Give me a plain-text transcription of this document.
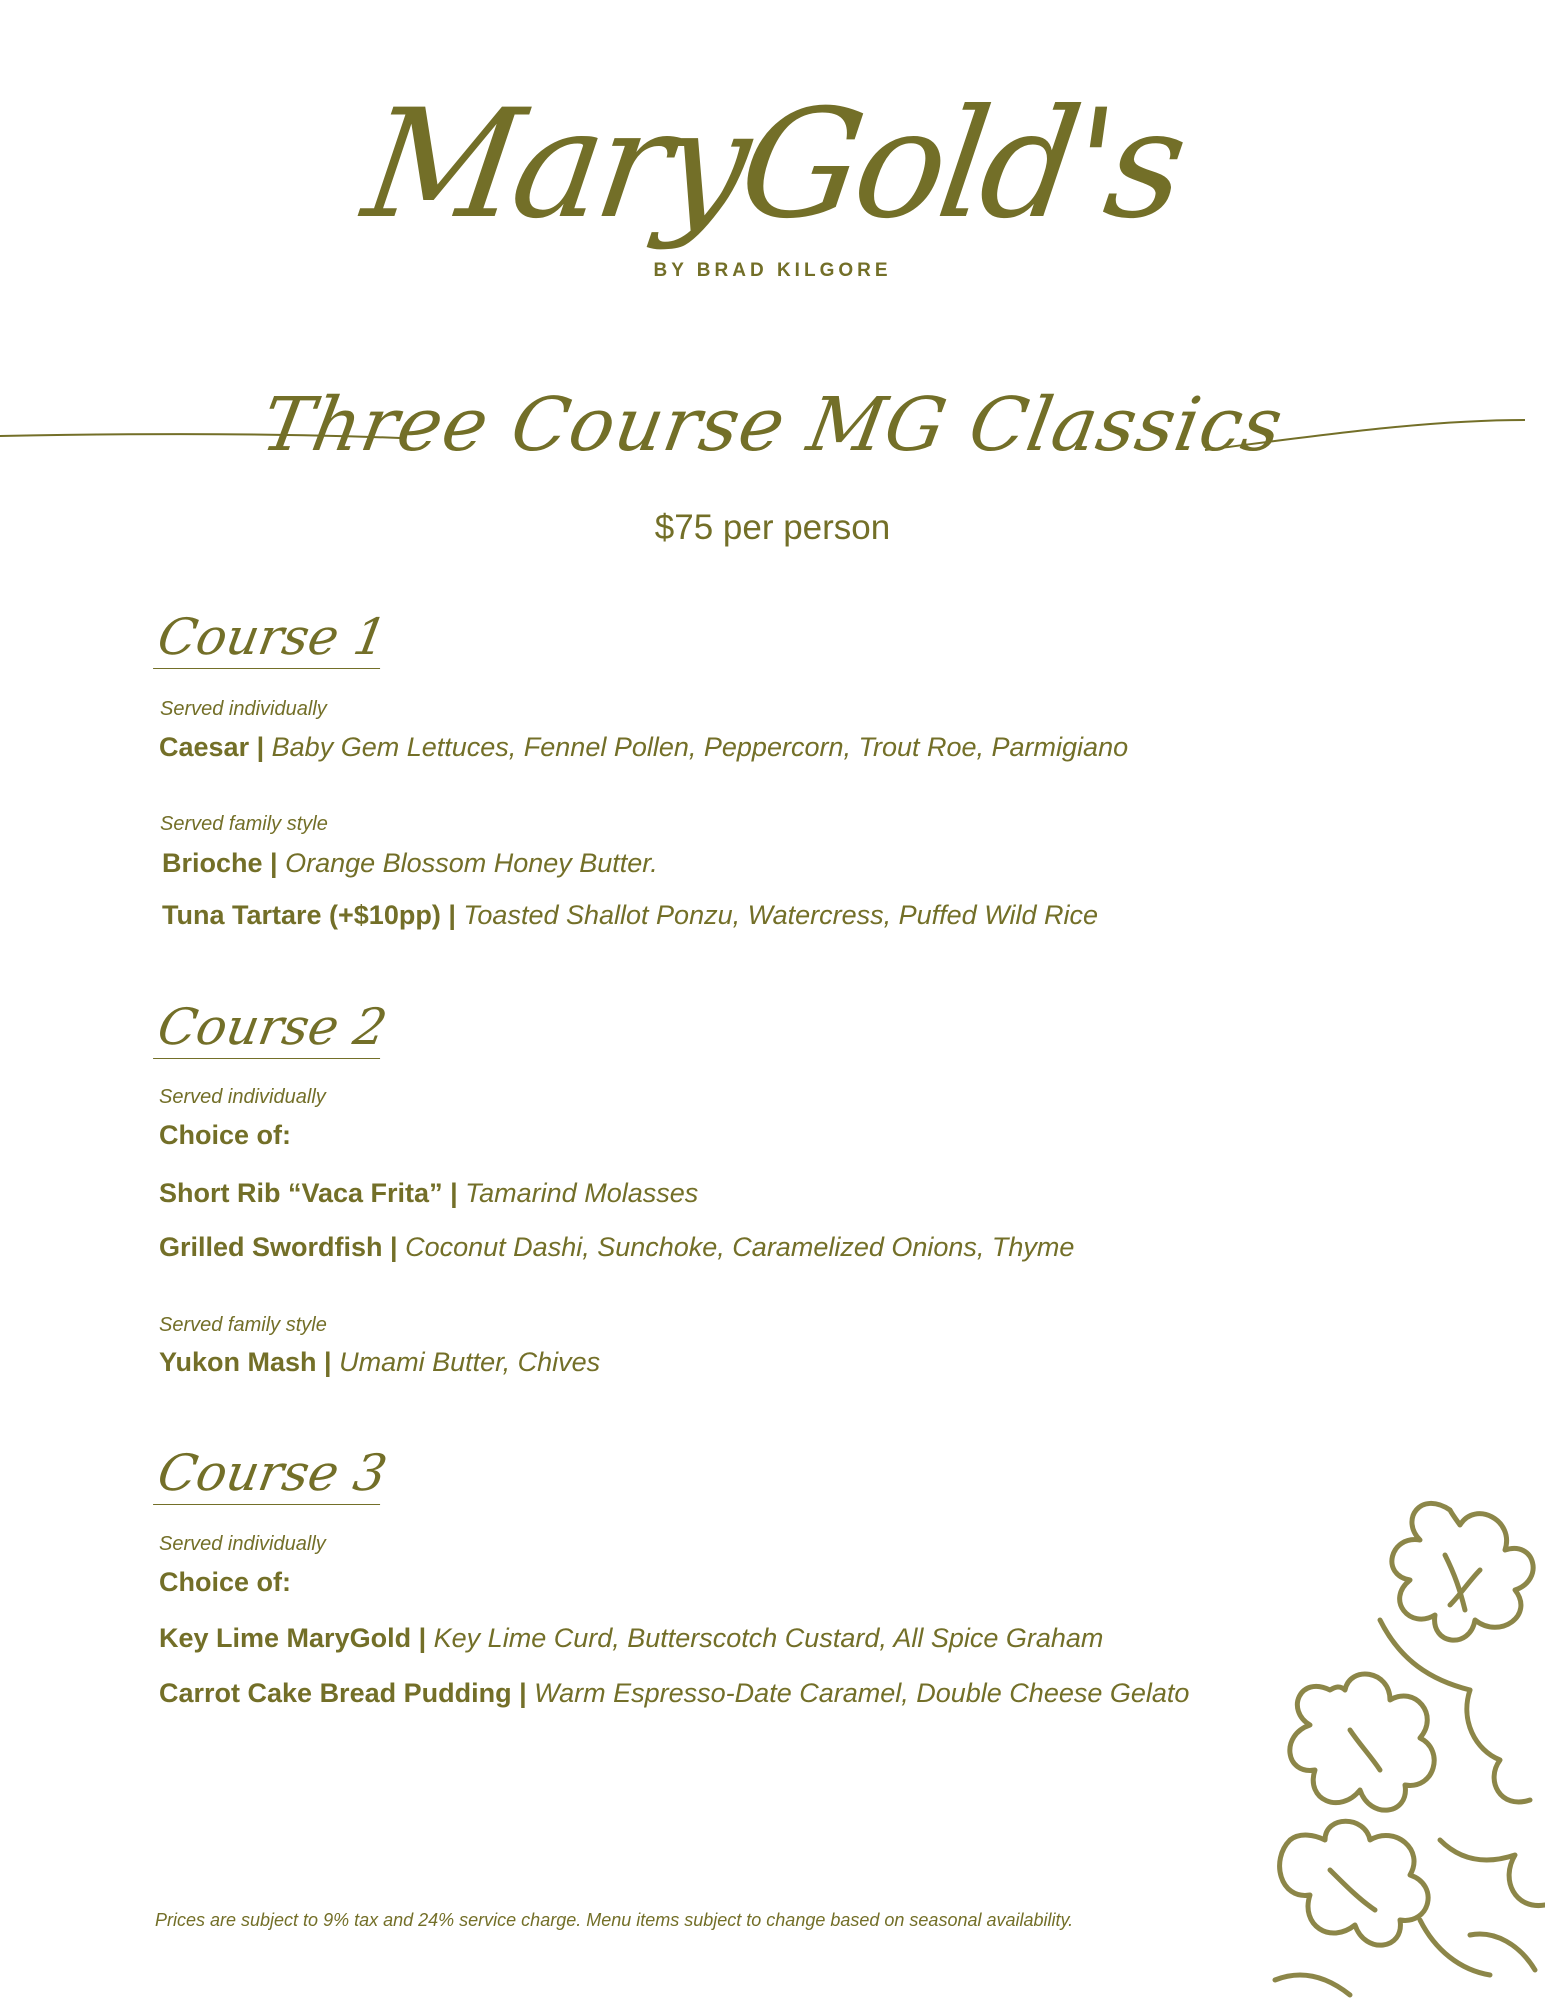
MaryGold's
BY BRAD KILGORE
Three Course MG Classics
$75 per person
Course 1
Served individually
Caesar | Baby Gem Lettuces, Fennel Pollen, Peppercorn, Trout Roe, Parmigiano
Served family style
Brioche | Orange Blossom Honey Butter.
Tuna Tartare (+$10pp) | Toasted Shallot Ponzu, Watercress, Puffed Wild Rice
Course 2
Served individually
Choice of:
Short Rib “Vaca Frita” | Tamarind Molasses
Grilled Swordfish | Coconut Dashi, Sunchoke, Caramelized Onions, Thyme
Served family style
Yukon Mash | Umami Butter, Chives
Course 3
Served individually
Choice of:
Key Lime MaryGold | Key Lime Curd, Butterscotch Custard, All Spice Graham
Carrot Cake Bread Pudding | Warm Espresso-Date Caramel, Double Cheese Gelato
Prices are subject to 9% tax and 24% service charge. Menu items subject to change based on seasonal availability.
